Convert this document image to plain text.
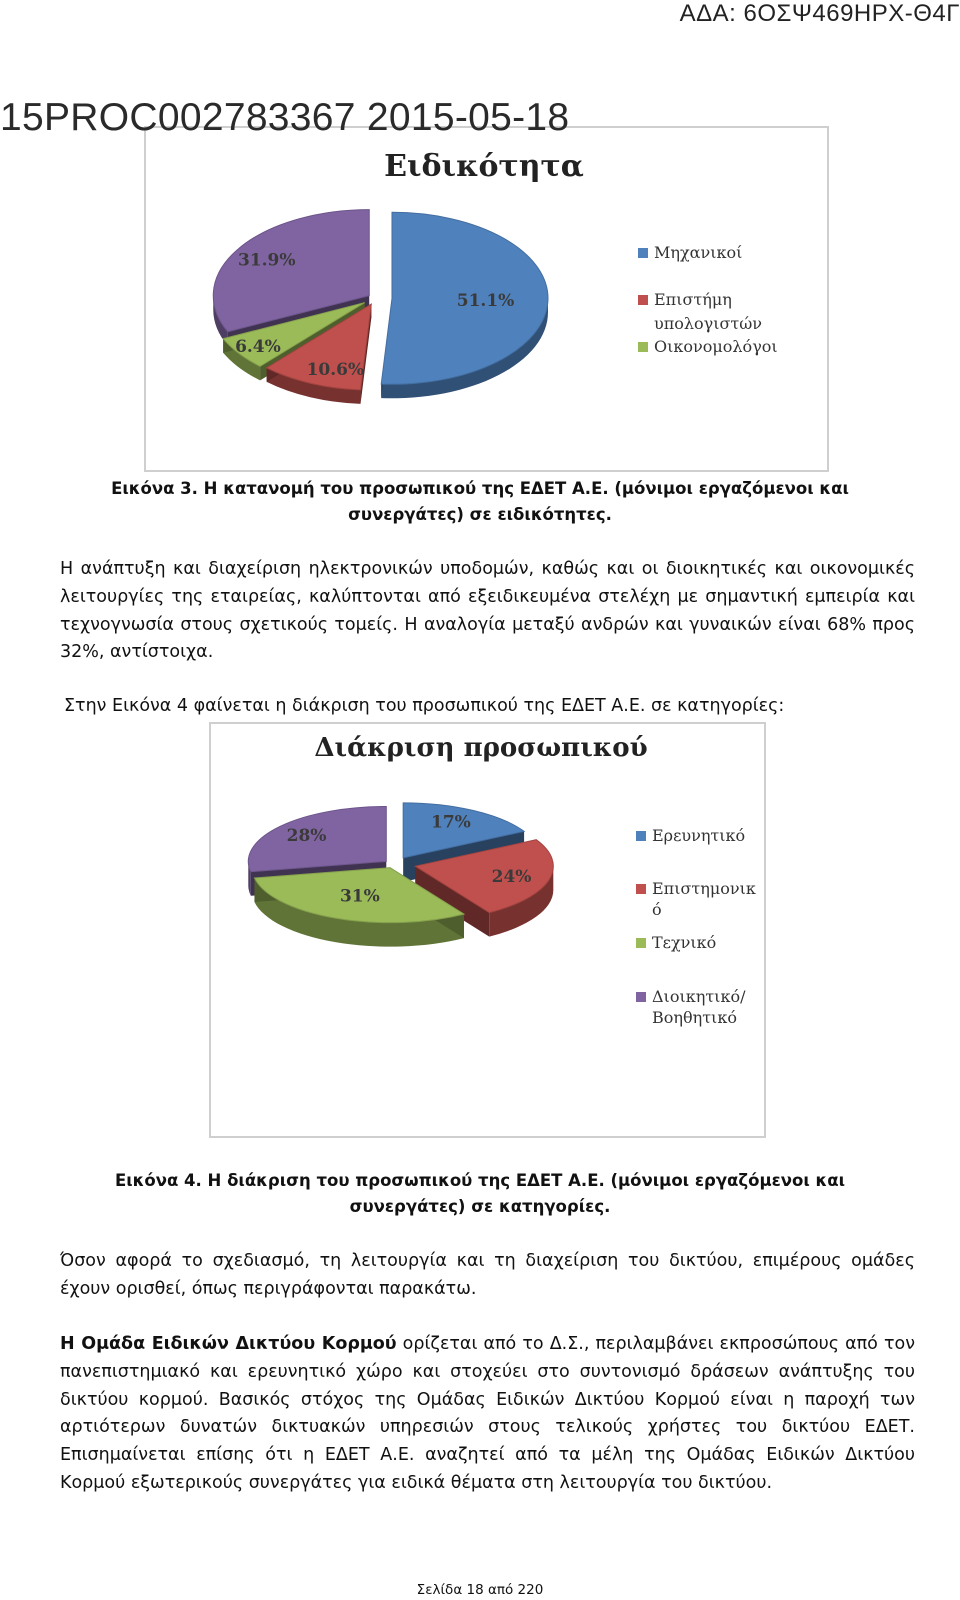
ΑΔΑ: 6ΟΣΨ469ΗΡΧ-Θ4Γ
15PROC002783367 2015-05-18
Ειδικότητα
51.1%
10.6%
6.4%
31.9%	Μηχανικοί
Επιστήμη
υπολογιστών
Οικονομολόγοι
Εικόνα 3. Η κατανομή του προσωπικού της ΕΔΕΤ Α.Ε. (μόνιμοι εργαζόμενοι και συνεργάτες) σε ειδικότητες.
Η ανάπτυξη και διαχείριση ηλεκτρονικών υποδομών, καθώς και οι διοικητικές και οικονομικές λειτουργίες της εταιρείας, καλύπτονται από εξειδικευμένα στελέχη με σημαντική εμπειρία και τεχνογνωσία στους σχετικούς τομείς. Η αναλογία μεταξύ ανδρών και γυναικών είναι 68% προς 32%, αντίστοιχα.
Στην Εικόνα 4 φαίνεται η διάκριση του προσωπικού της ΕΔΕΤ Α.Ε. σε κατηγορίες:
Διάκριση προσωπικού
17%
24%
31%
28%	Ερευνητικό
Επιστημονικ
ό
Τεχνικό
Διοικητικό/
Βοηθητικό
Εικόνα 4. Η διάκριση του προσωπικού της ΕΔΕΤ Α.Ε. (μόνιμοι εργαζόμενοι και συνεργάτες) σε κατηγορίες.
Όσον αφορά το σχεδιασμό, τη λειτουργία και τη διαχείριση του δικτύου, επιμέρους ομάδες έχουν ορισθεί, όπως περιγράφονται παρακάτω.
Η Ομάδα Ειδικών Δικτύου Κορμού ορίζεται από το Δ.Σ., περιλαμβάνει εκπροσώπους από τον πανεπιστημιακό και ερευνητικό χώρο και στοχεύει στο συντονισμό δράσεων ανάπτυξης του δικτύου κορμού. Βασικός στόχος της Ομάδας Ειδικών Δικτύου Κορμού είναι η παροχή των αρτιότερων δυνατών δικτυακών υπηρεσιών στους τελικούς χρήστες του δικτύου ΕΔΕΤ. Επισημαίνεται επίσης ότι η ΕΔΕΤ Α.Ε. αναζητεί από τα μέλη της Ομάδας Ειδικών Δικτύου Κορμού εξωτερικούς συνεργάτες για ειδικά θέματα στη λειτουργία του δικτύου.
Σελίδα 18 από 220
